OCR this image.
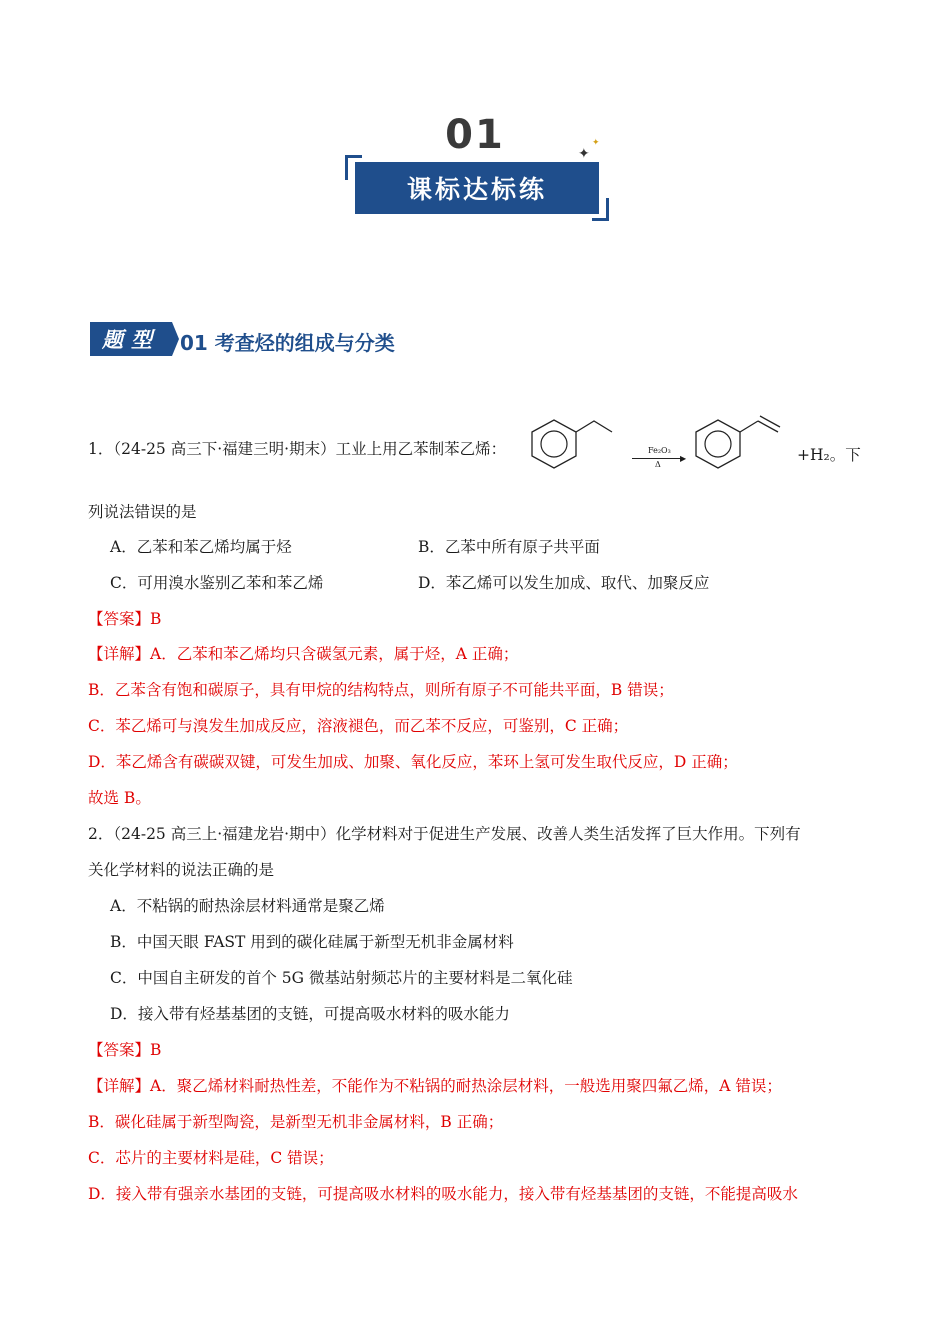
01	✦
✦
课标达标练
题型	01 考查烃的组成与分类
1．（24-25 高三下·福建三明·期末）工业上用乙苯制苯乙烯：	Fe₂O₃
▶
Δ
+H₂。下
列说法错误的是
A．乙苯和苯乙烯均属于烃	B．乙苯中所有原子共平面
C．可用溴水鉴别乙苯和苯乙烯	D．苯乙烯可以发生加成、取代、加聚反应
【答案】B
【详解】A．乙苯和苯乙烯均只含碳氢元素，属于烃，A 正确；
B．乙苯含有饱和碳原子，具有甲烷的结构特点，则所有原子不可能共平面，B 错误；
C．苯乙烯可与溴发生加成反应，溶液褪色，而乙苯不反应，可鉴别，C 正确；
D．苯乙烯含有碳碳双键，可发生加成、加聚、氧化反应，苯环上氢可发生取代反应，D 正确；
故选 B。
2．（24-25 高三上·福建龙岩·期中）化学材料对于促进生产发展、改善人类生活发挥了巨大作用。下列有
关化学材料的说法正确的是
A．不粘锅的耐热涂层材料通常是聚乙烯
B．中国天眼 FAST 用到的碳化硅属于新型无机非金属材料
C．中国自主研发的首个 5G 微基站射频芯片的主要材料是二氧化硅
D．接入带有烃基基团的支链，可提高吸水材料的吸水能力
【答案】B
【详解】A．聚乙烯材料耐热性差，不能作为不粘锅的耐热涂层材料，一般选用聚四氟乙烯，A 错误；
B．碳化硅属于新型陶瓷，是新型无机非金属材料，B 正确；
C．芯片的主要材料是硅，C 错误；
D．接入带有强亲水基团的支链，可提高吸水材料的吸水能力，接入带有烃基基团的支链，不能提高吸水
